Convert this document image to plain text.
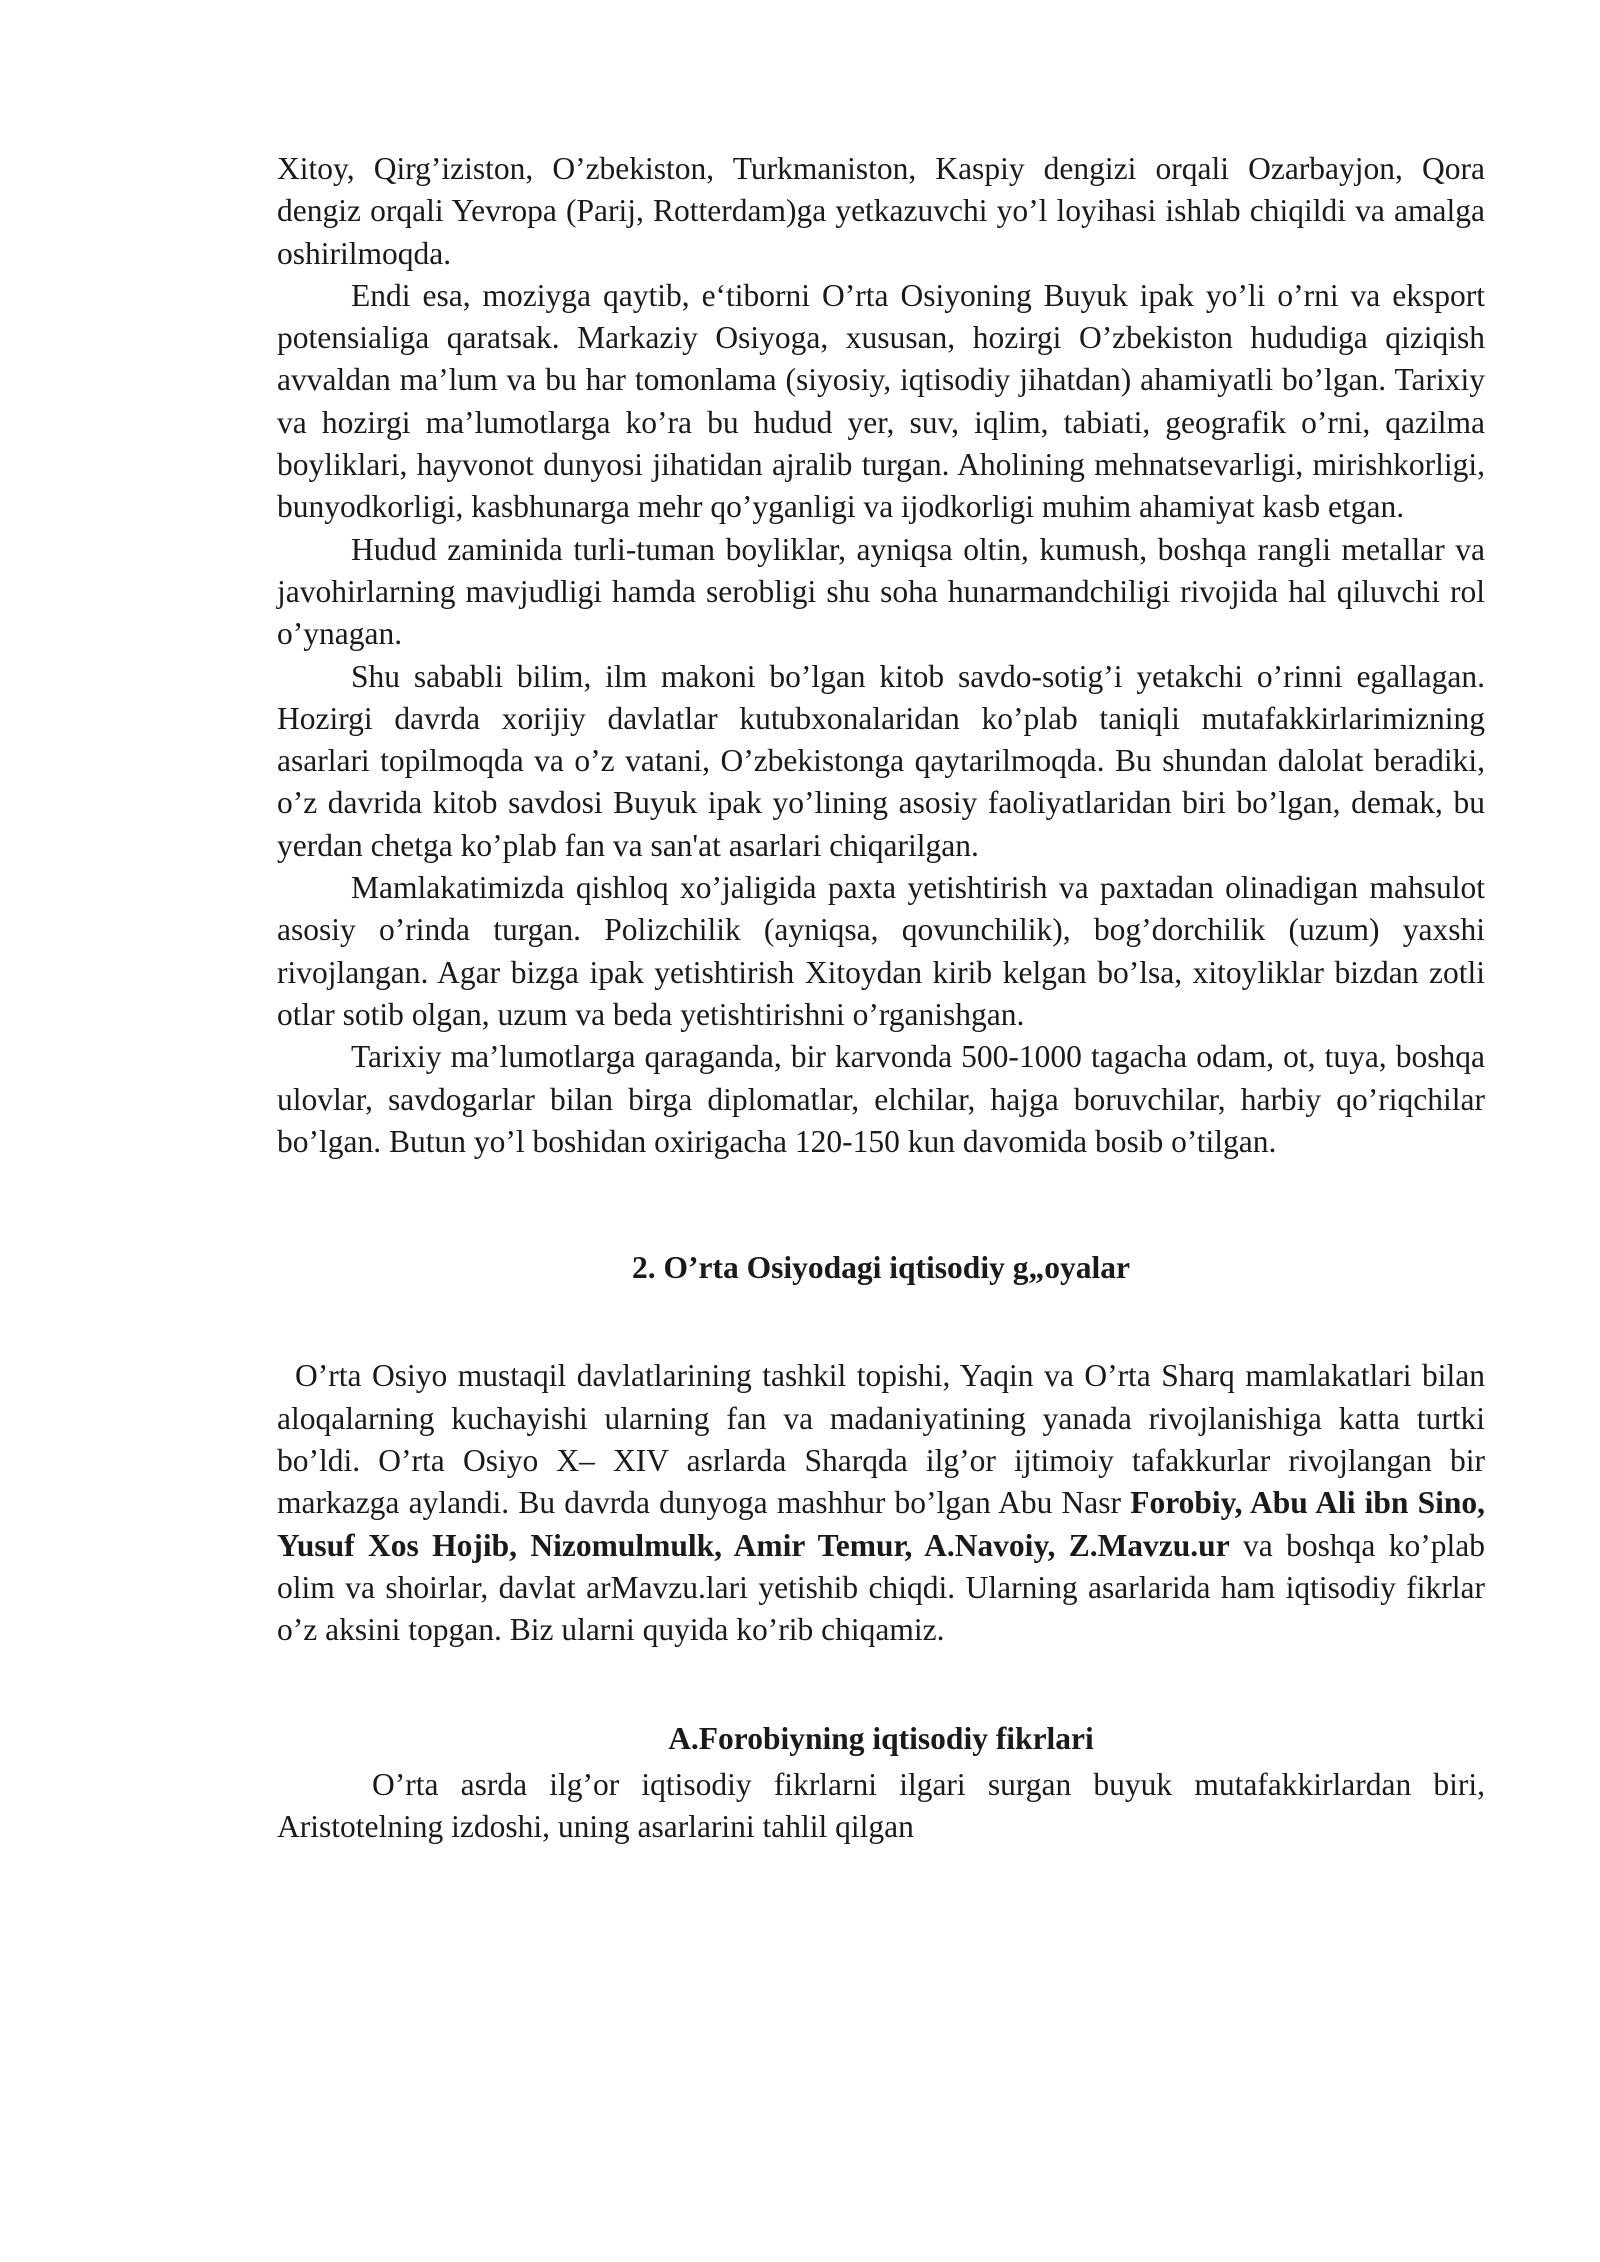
Xitoy, Qirg’iziston, O’zbekiston, Turkmaniston, Kaspiy dengizi orqali Ozarbayjon, Qora dengiz orqali Yevropa (Parij, Rotterdam)ga yetkazuvchi yo’l loyihasi ishlab chiqildi va amalga oshirilmoqda.

Endi esa, moziyga qaytib, e‘tiborni O’rta Osiyoning Buyuk ipak yo’li o’rni va eksport potensialiga qaratsak. Markaziy Osiyoga, xususan, hozirgi O’zbekiston hududiga qiziqish avvaldan ma’lum va bu har tomonlama (siyosiy, iqtisodiy jihatdan) ahamiyatli bo’lgan. Tarixiy va hozirgi ma’lumotlarga ko’ra bu hudud yer, suv, iqlim, tabiati, geografik o’rni, qazilma boyliklari, hayvonot dunyosi jihatidan ajralib turgan. Aholining mehnatsevarligi, mirishkorligi, bunyodkorligi, kasbhunarga mehr qo’yganligi va ijodkorligi muhim ahamiyat kasb etgan.

Hudud zaminida turli-tuman boyliklar, ayniqsa oltin, kumush, boshqa rangli metallar va javohirlarning mavjudligi hamda serobligi shu soha hunarmandchiligi rivojida hal qiluvchi rol o’ynagan.

Shu sababli bilim, ilm makoni bo’lgan kitob savdo-sotig’i yetakchi o’rinni egallagan. Hozirgi davrda xorijiy davlatlar kutubxonalaridan ko’plab taniqli mutafakkirlarimizning asarlari topilmoqda va o’z vatani, O’zbekistonga qaytarilmoqda. Bu shundan dalolat beradiki, o’z davrida kitob savdosi Buyuk ipak yo’lining asosiy faoliyatlaridan biri bo’lgan, demak, bu yerdan chetga ko’plab fan va san'at asarlari chiqarilgan.

Mamlakatimizda qishloq xo’jaligida paxta yetishtirish va paxtadan olinadigan mahsulot asosiy o’rinda turgan. Polizchilik (ayniqsa, qovunchilik), bog’dorchilik (uzum) yaxshi rivojlangan. Agar bizga ipak yetishtirish Xitoydan kirib kelgan bo’lsa, xitoyliklar bizdan zotli otlar sotib olgan, uzum va beda yetishtirishni o’rganishgan.

Tarixiy ma’lumotlarga qaraganda, bir karvonda 500-1000 tagacha odam, ot, tuya, boshqa ulovlar, savdogarlar bilan birga diplomatlar, elchilar, hajga boruvchilar, harbiy qo’riqchilar bo’lgan. Butun yo’l boshidan oxirigacha 120-150 kun davomida bosib o’tilgan.

2. O’rta Osiyodagi iqtisodiy g„oyalar

O’rta Osiyo mustaqil davlatlarining tashkil topishi, Yaqin va O’rta Sharq mamlakatlari bilan aloqalarning kuchayishi ularning fan va madaniyatining yanada rivojlanishiga katta turtki bo’ldi. O’rta Osiyo X– XIV asrlarda Sharqda ilg’or ijtimoiy tafakkurlar rivojlangan bir markazga aylandi. Bu davrda dunyoga mashhur bo’lgan Abu Nasr Forobiy, Abu Ali ibn Sino, Yusuf Xos Hojib, Nizomulmulk, Amir Temur, A.Navoiy, Z.Mavzu.ur va boshqa ko’plab olim va shoirlar, davlat arMavzu.lari yetishib chiqdi. Ularning asarlarida ham iqtisodiy fikrlar o’z aksini topgan. Biz ularni quyida ko’rib chiqamiz.

A.Forobiyning iqtisodiy fikrlari

O’rta asrda ilg’or iqtisodiy fikrlarni ilgari surgan buyuk mutafakkirlardan biri, Aristotelning izdoshi, uning asarlarini tahlil qilgan
